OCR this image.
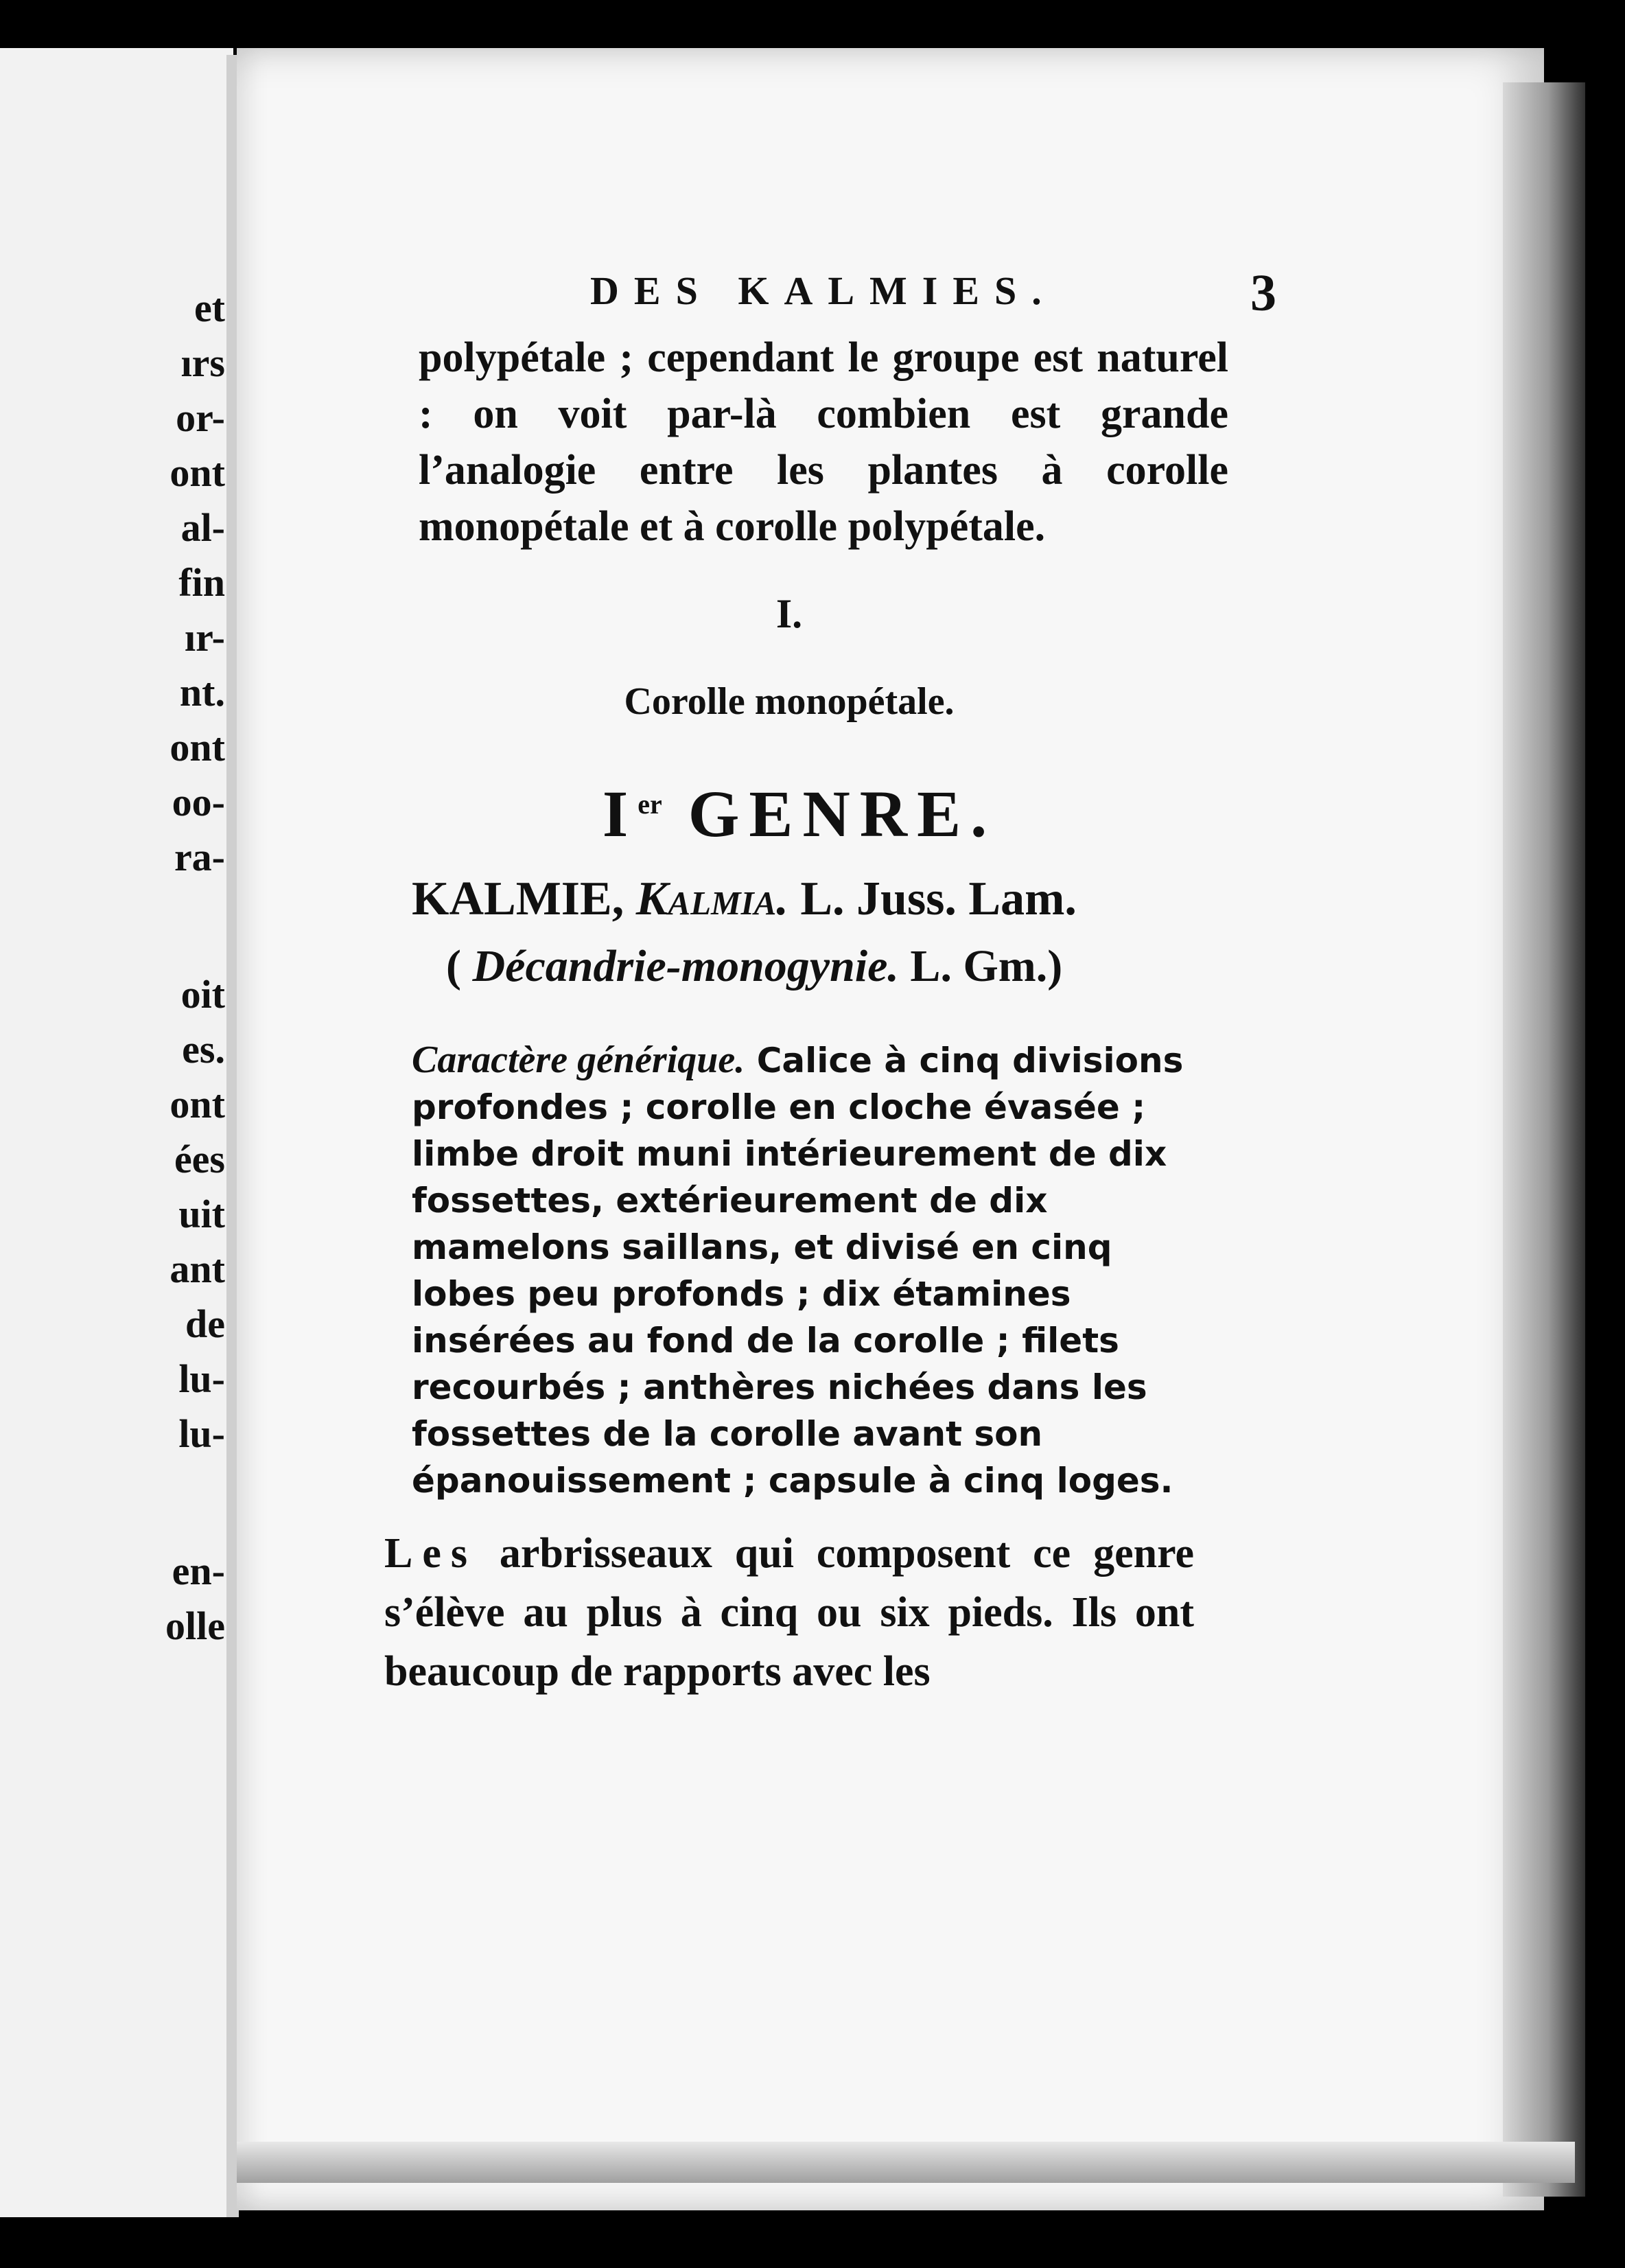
et
ırs
or-
ont
al-
fin
ır-
nt.
ont
oo-
ra-
oit
es.
ont
ées
uit
ant
de
lu-
lu-
en-
olle
DES KALMIES.	3
polypétale ; cependant le groupe est naturel : on voit par-là combien est grande l’analogie entre les plantes à corolle monopétale et à corolle polypétale.
I.
Corolle monopétale.
Ier GENRE.
KALMIE, Kalmia. L. Juss. Lam.
( Décandrie-monogynie. L. Gm.)
Caractère générique. Calice à cinq divisions profondes ; corolle en cloche évasée ; limbe droit muni intérieurement de dix fossettes, extérieurement de dix mamelons saillans, et divisé en cinq lobes peu profonds ; dix étamines insérées au fond de la corolle ; filets recourbés ; anthères nichées dans les fossettes de la corolle avant son épanouissement ; capsule à cinq loges.
Les arbrisseaux qui composent ce genre s’élève au plus à cinq ou six pieds. Ils ont beaucoup de rapports avec les
